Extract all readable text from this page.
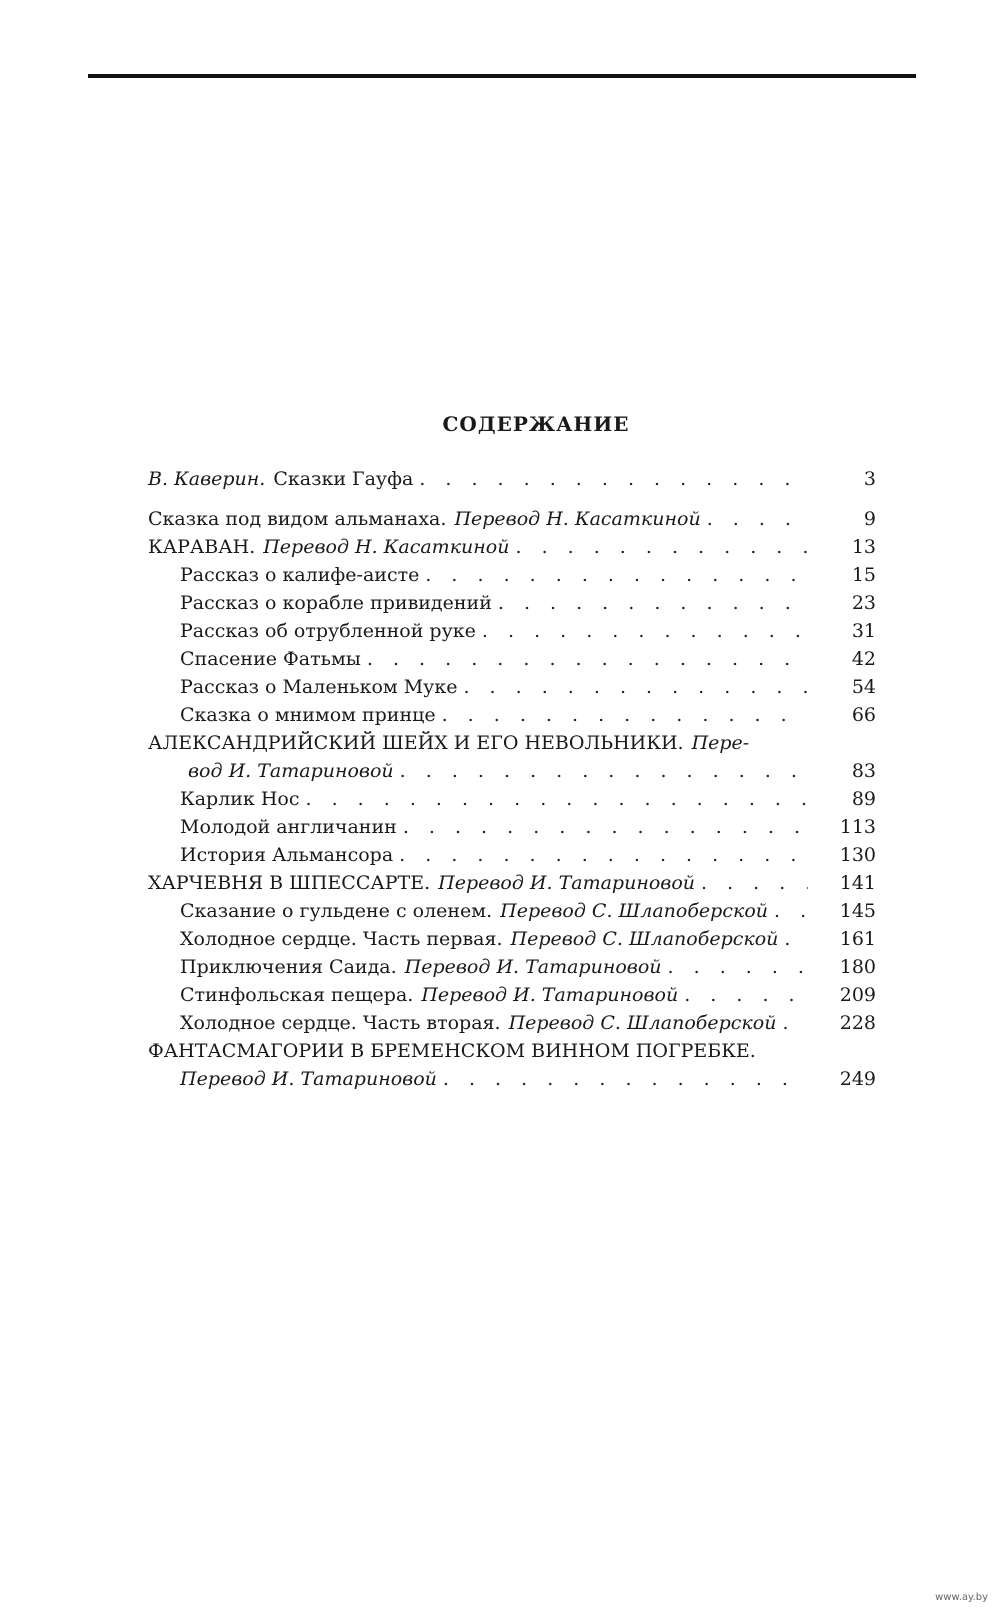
СОДЕРЖАНИЕ
В. Каверин. Сказки Гауфа . . .	3
Сказка под видом альманаха. Перевод Н. Касаткиной . . .	9
КАРАВАН. Перевод Н. Касаткиной . . .	13
Рассказ о калифе-аисте . . .	15
Рассказ о корабле привидений . . .	23
Рассказ об отрубленной руке . . .	31
Спасение Фатьмы . . .	42
Рассказ о Маленьком Муке . . .	54
Сказка о мнимом принце . . .	66
АЛЕКСАНДРИЙСКИЙ ШЕЙХ И ЕГО НЕВОЛЬНИКИ. Пере-
вод И. Татариновой . . .	83
Карлик Нос . . .	89
Молодой англичанин . . .	113
История Альмансора . . .	130
ХАРЧЕВНЯ В ШПЕССАРТЕ. Перевод И. Татариновой . . .	141
Сказание о гульдене с оленем. Перевод С. Шлапоберской . . .	145
Холодное сердце. Часть первая. Перевод С. Шлапоберской . . .	161
Приключения Саида. Перевод И. Татариновой . . .	180
Стинфольская пещера. Перевод И. Татариновой . . .	209
Холодное сердце. Часть вторая. Перевод С. Шлапоберской . . .	228
ФАНТАСМАГОРИИ В БРЕМЕНСКОМ ВИННОМ ПОГРЕБКЕ.
Перевод И. Татариновой . . .	249
www.ay.by
